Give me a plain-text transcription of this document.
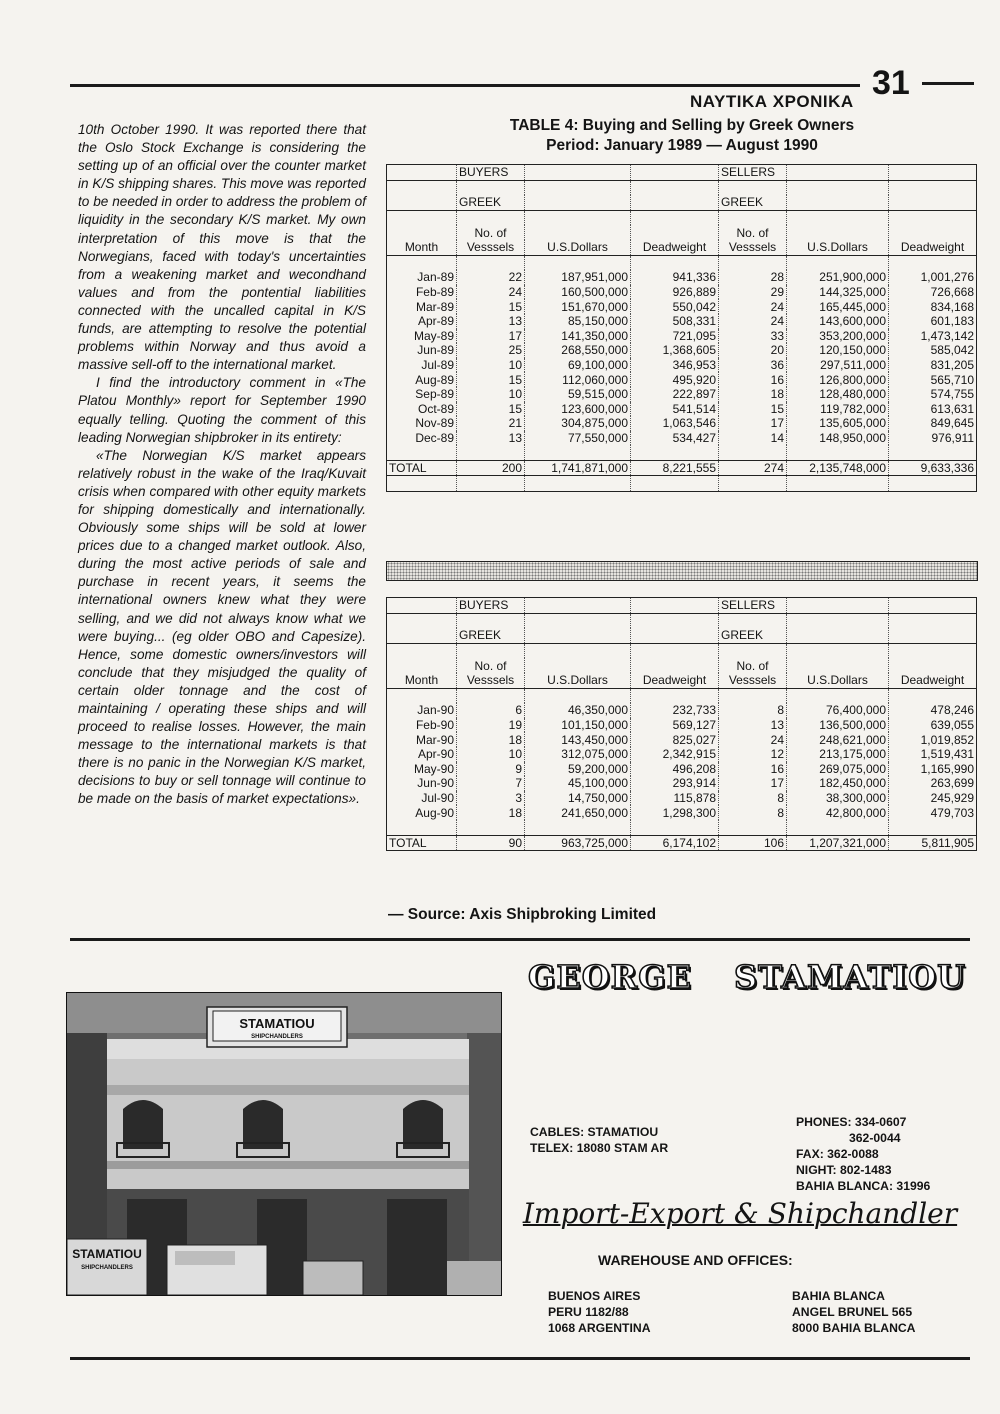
31
ΝΑΥΤΙΚΑ ΧΡΟΝΙΚΑ

10th October 1990. It was reported there that the Oslo Stock Exchange is considering the setting up of an official over the counter market in K/S shipping shares. This move was reported to be needed in order to address the problem of liquidity in the secondary K/S market. My own interpretation of this move is that the Norwegians, faced with today's uncertainties from a weakening market and wecondhand values and from the pontential liabilities connected with the uncalled capital in K/S funds, are attempting to resolve the potential problems within Norway and thus avoid a massive sell-off to the international market.

I find the introductory comment in «The Platou Monthly» report for September 1990 equally telling. Quoting the comment of this leading Norwegian shipbroker in its entirety:

«The Norwegian K/S market appears relatively robust in the wake of the Iraq/Kuvait crisis when compared with other equity markets for shipping domestically and internationally. Obviously some ships will be sold at lower prices due to a changed market outlook. Also, during the most active periods of sale and purchase in recent years, it seems the international owners knew what they were selling, and we did not always know what we were buying... (eg older OBO and Capesize). Hence, some domestic owners/investors will conclude that they misjudged the quality of certain older tonnage and the cost of maintaining / operating these ships and will proceed to realise losses. However, the main message to the international markets is that there is no panic in the Norwegian K/S market, decisions to buy or sell tonnage will continue to be made on the basis of market expectations».

TABLE 4: Buying and Selling by Greek Owners
Period: January 1989 — August 1990
	BUYERS			SELLERS		

	GREEK			GREEK		

	No. of			No. of		
Month	Vesssels	U.S.Dollars	Deadweight	Vesssels	U.S.Dollars	Deadweight

Jan-89	22	187,951,000	941,336	28	251,900,000	1,001,276
Feb-89	24	160,500,000	926,889	29	144,325,000	726,668
Mar-89	15	151,670,000	550,042	24	165,445,000	834,168
Apr-89	13	85,150,000	508,331	24	143,600,000	601,183
May-89	17	141,350,000	721,095	33	353,200,000	1,473,142
Jun-89	25	268,550,000	1,368,605	20	120,150,000	585,042
Jul-89	10	69,100,000	346,953	36	297,511,000	831,205
Aug-89	15	112,060,000	495,920	16	126,800,000	565,710
Sep-89	10	59,515,000	222,897	18	128,480,000	574,755
Oct-89	15	123,600,000	541,514	15	119,782,000	613,631
Nov-89	21	304,875,000	1,063,546	17	135,605,000	849,645
Dec-89	13	77,550,000	534,427	14	148,950,000	976,911

TOTAL	200	1,741,871,000	8,221,555	274	2,135,748,000	9,633,336

	BUYERS			SELLERS		

	GREEK			GREEK		

	No. of			No. of		
Month	Vesssels	U.S.Dollars	Deadweight	Vesssels	U.S.Dollars	Deadweight

Jan-90	6	46,350,000	232,733	8	76,400,000	478,246
Feb-90	19	101,150,000	569,127	13	136,500,000	639,055
Mar-90	18	143,450,000	825,027	24	248,621,000	1,019,852
Apr-90	10	312,075,000	2,342,915	12	213,175,000	1,519,431
May-90	9	59,200,000	496,208	16	269,075,000	1,165,990
Jun-90	7	45,100,000	293,914	17	182,450,000	263,699
Jul-90	3	14,750,000	115,878	8	38,300,000	245,929
Aug-90	18	241,650,000	1,298,300	8	42,800,000	479,703

TOTAL	90	963,725,000	6,174,102	106	1,207,321,000	5,811,905
— Source: Axis Shipbroking Limited
STAMATIOU
SHIPCHANDLERS
STAMATIOU
SHIPCHANDLERS
GEORGE STAMATIOU
CABLES: STAMATIOU
TELEX: 18080 STAM AR
PHONES: 334-0607
362-0044
FAX: 362-0088
NIGHT: 802-1483
BAHIA BLANCA: 31996
Import-Export & Shipchandler
WAREHOUSE AND OFFICES:
BUENOS AIRES
PERU 1182/88
1068 ARGENTINA
BAHIA BLANCA
ANGEL BRUNEL 565
8000 BAHIA BLANCA
